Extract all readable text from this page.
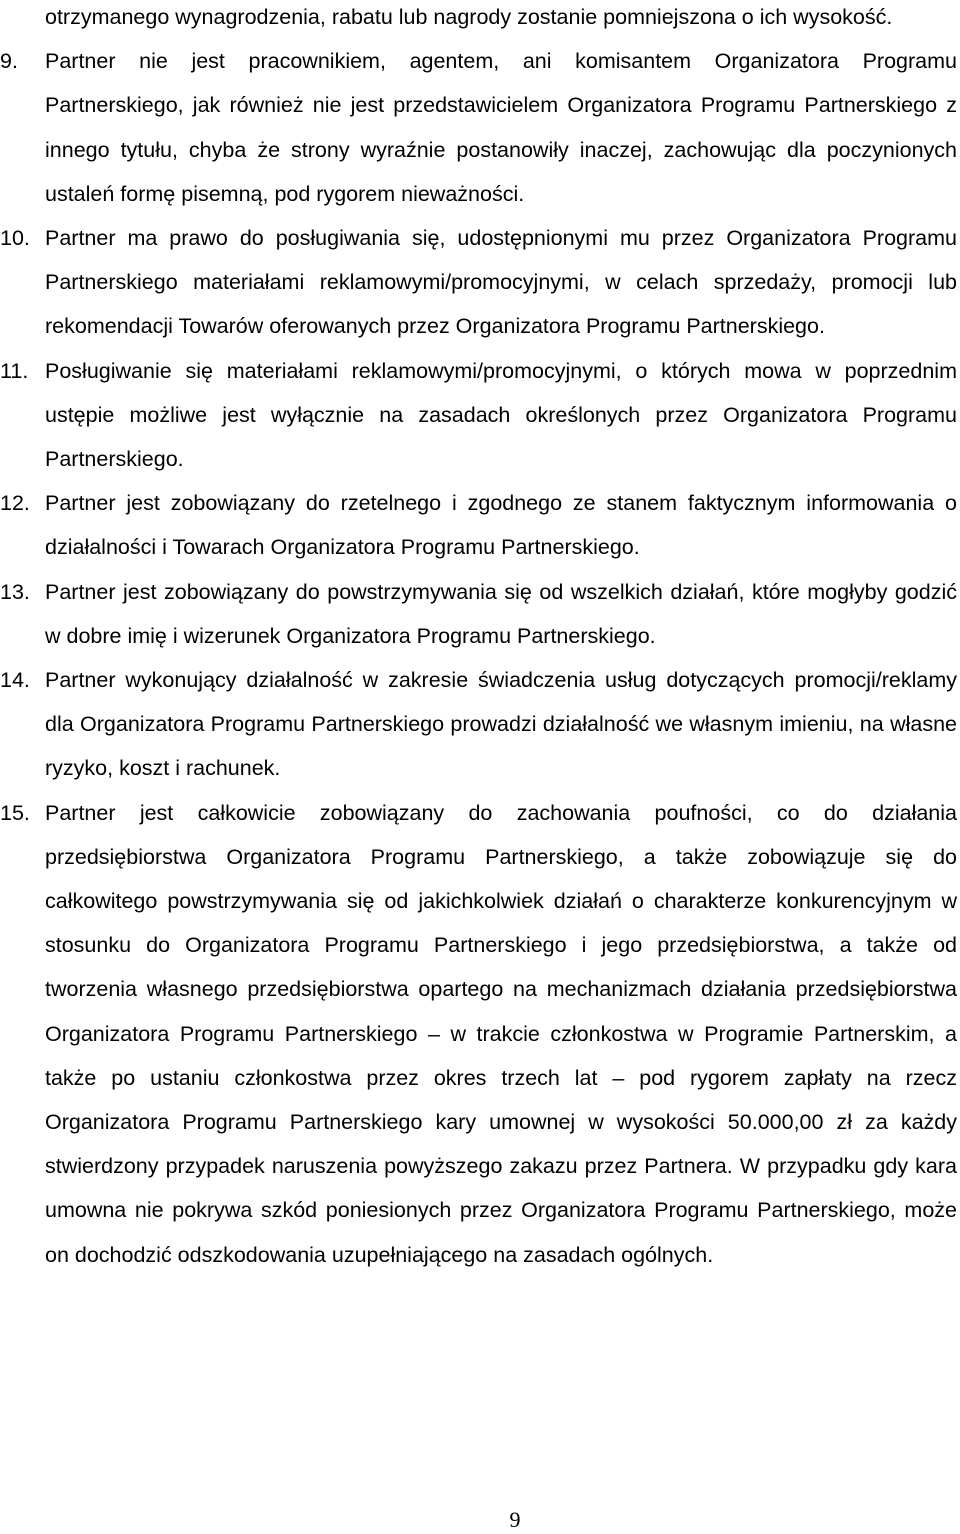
otrzymanego wynagrodzenia, rabatu lub nagrody zostanie pomniejszona o ich wysokość.

9.	Partner nie jest pracownikiem, agentem, ani komisantem Organizatora Programu Partnerskiego, jak również nie jest przedstawicielem Organizatora Programu Partnerskiego z innego tytułu, chyba że strony wyraźnie postanowiły inaczej, zachowując dla poczynionych ustaleń formę pisemną, pod rygorem nieważności.

10. Partner ma prawo do posługiwania się, udostępnionymi mu przez Organizatora Programu Partnerskiego materiałami reklamowymi/promocyjnymi, w celach sprzedaży, promocji lub rekomendacji Towarów oferowanych przez Organizatora Programu Partnerskiego.

11. Posługiwanie się materiałami reklamowymi/promocyjnymi, o których mowa w poprzednim ustępie możliwe jest wyłącznie na zasadach określonych przez Organizatora Programu Partnerskiego.

12. Partner jest zobowiązany do rzetelnego i zgodnego ze stanem faktycznym informowania o działalności i Towarach Organizatora Programu Partnerskiego.

13. Partner jest zobowiązany do powstrzymywania się od wszelkich działań, które mogłyby godzić w dobre imię i wizerunek Organizatora Programu Partnerskiego.

14. Partner wykonujący działalność w zakresie świadczenia usług dotyczących promocji/reklamy dla Organizatora Programu Partnerskiego prowadzi działalność we własnym imieniu, na własne ryzyko, koszt i rachunek.

15. Partner jest całkowicie zobowiązany do zachowania poufności, co do działania przedsiębiorstwa Organizatora Programu Partnerskiego, a także zobowiązuje się do całkowitego powstrzymywania się od jakichkolwiek działań o charakterze konkurencyjnym w stosunku do Organizatora Programu Partnerskiego i jego przedsiębiorstwa, a także od tworzenia własnego przedsiębiorstwa opartego na mechanizmach działania przedsiębiorstwa Organizatora Programu Partnerskiego – w trakcie członkostwa w Programie Partnerskim, a także po ustaniu członkostwa przez okres trzech lat – pod rygorem zapłaty na rzecz Organizatora Programu Partnerskiego kary umownej w wysokości 50.000,00 zł za każdy stwierdzony przypadek naruszenia powyższego zakazu przez Partnera. W przypadku gdy kara umowna nie pokrywa szkód poniesionych przez Organizatora Programu Partnerskiego, może on dochodzić odszkodowania uzupełniającego na zasadach ogólnych.

9
